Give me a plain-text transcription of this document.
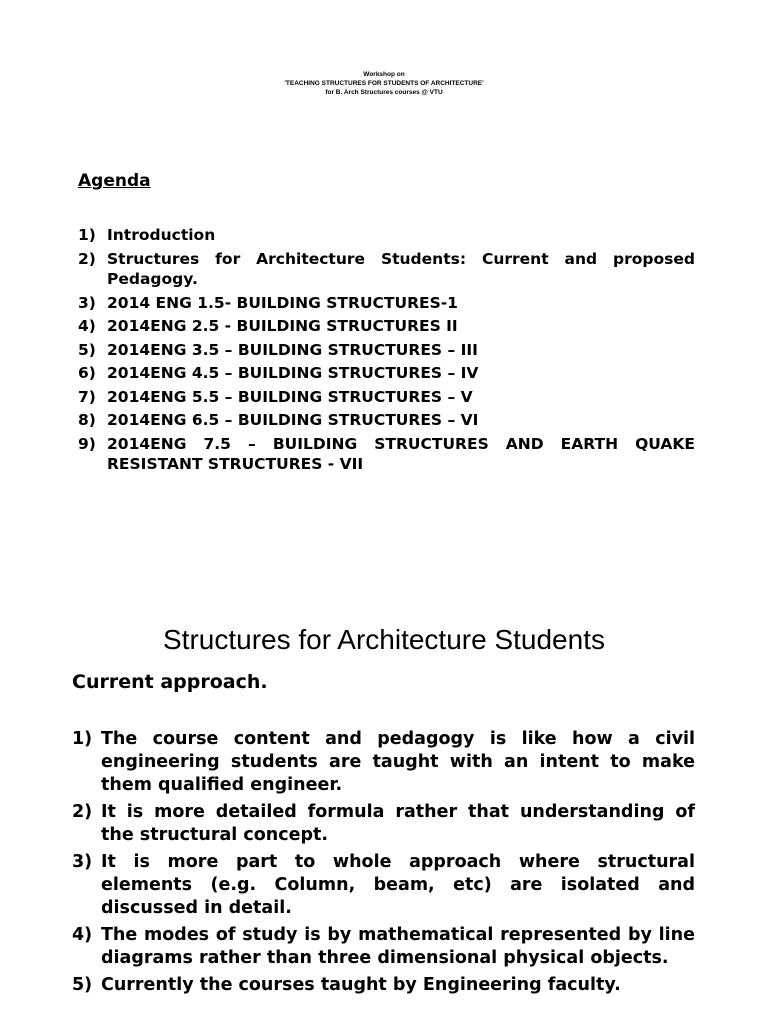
Workshop on
'TEACHING STRUCTURES FOR STUDENTS OF ARCHITECTURE'
for B. Arch Structures courses @ VTU
Agenda
1) Introduction
2) Structures for Architecture Students: Current and proposed Pedagogy.
3) 2014 ENG 1.5- BUILDING STRUCTURES-1
4) 2014ENG 2.5 - BUILDING STRUCTURES II
5) 2014ENG 3.5 – BUILDING STRUCTURES – III
6) 2014ENG 4.5 – BUILDING STRUCTURES – IV
7) 2014ENG 5.5 – BUILDING STRUCTURES – V
8) 2014ENG 6.5 – BUILDING STRUCTURES – VI
9) 2014ENG 7.5 – BUILDING STRUCTURES AND EARTH QUAKE RESISTANT STRUCTURES - VII
Structures for Architecture Students
Current approach.
1) The course content and pedagogy is like how a civil engineering students are taught with an intent to make them qualified engineer.
2) It is more detailed formula rather that understanding of the structural concept.
3) It is more part to whole approach where structural elements (e.g. Column, beam, etc) are isolated and discussed in detail.
4) The modes of study is by mathematical represented by line diagrams rather than three dimensional physical objects.
5) Currently the courses taught by Engineering faculty.
